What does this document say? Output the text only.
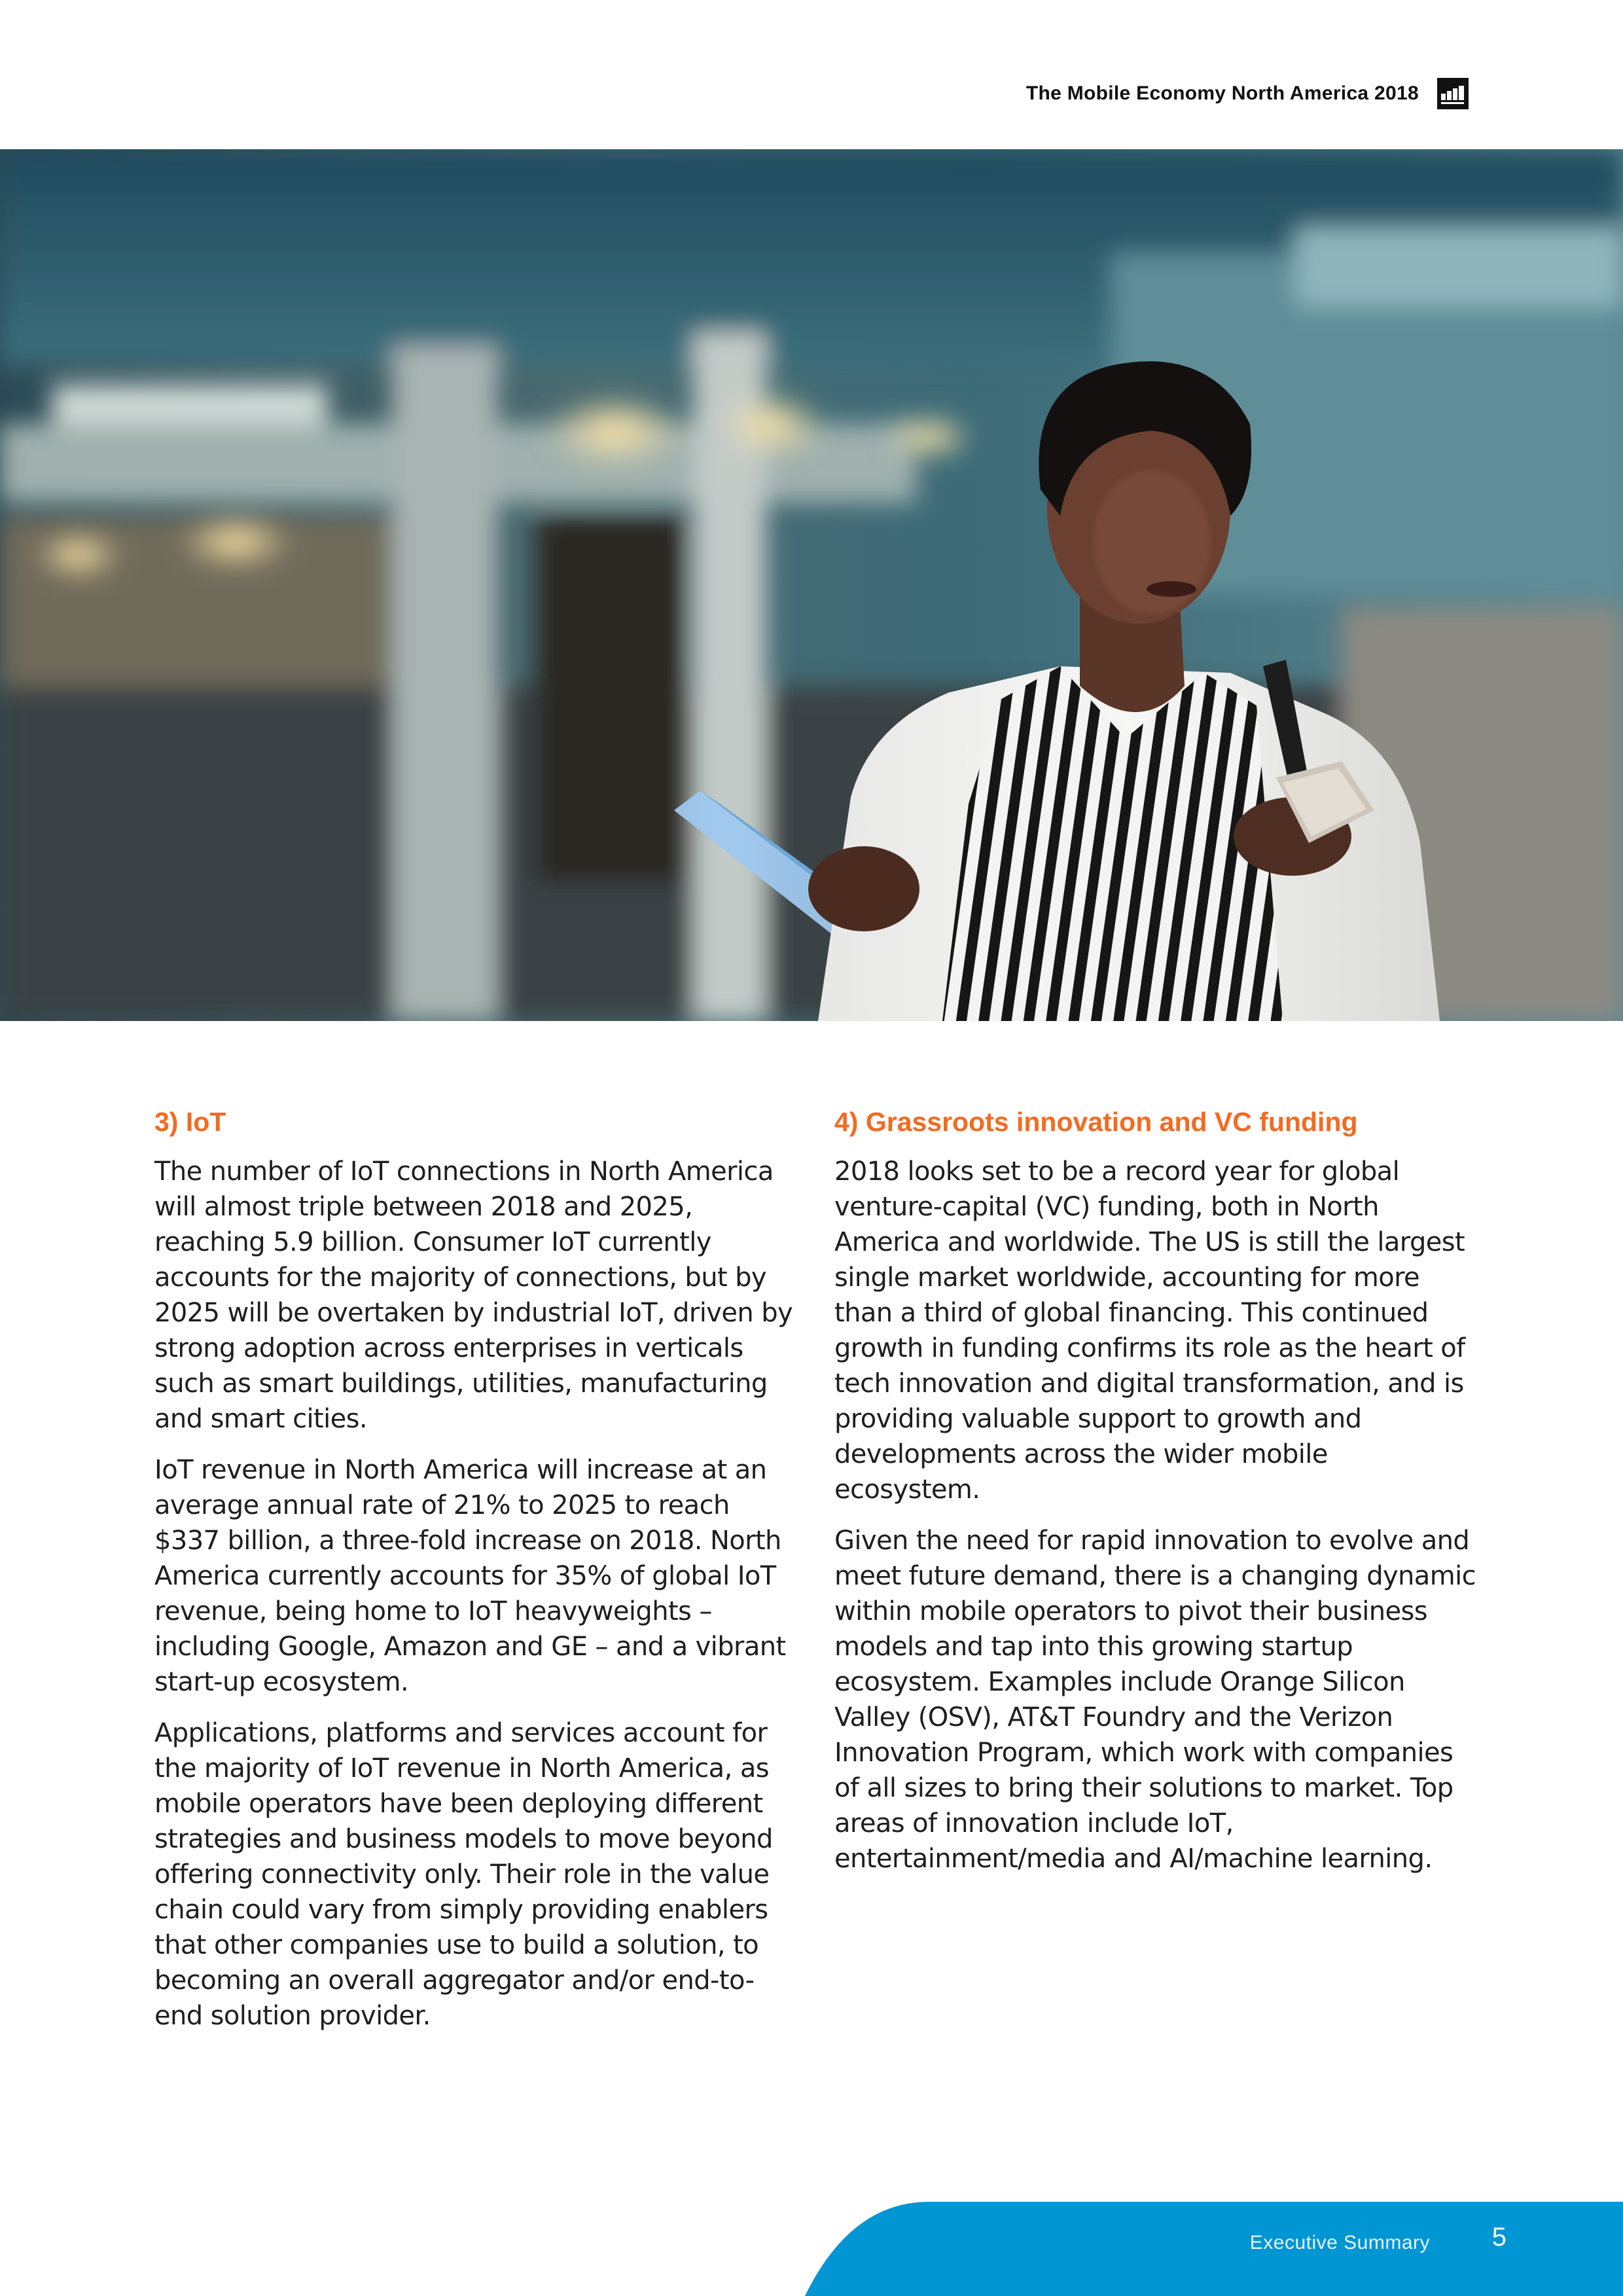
The Mobile Economy North America 2018
3) IoT

The number of IoT connections in North America will almost triple between 2018 and 2025, reaching 5.9 billion. Consumer IoT currently accounts for the majority of connections, but by 2025 will be overtaken by industrial IoT, driven by strong adoption across enterprises in verticals such as smart buildings, utilities, manufacturing and smart cities.

IoT revenue in North America will increase at an average annual rate of 21% to 2025 to reach $337 billion, a three-fold increase on 2018. North America currently accounts for 35% of global IoT revenue, being home to IoT heavyweights – including Google, Amazon and GE – and a vibrant start-up ecosystem.

Applications, platforms and services account for the majority of IoT revenue in North America, as mobile operators have been deploying different strategies and business models to move beyond offering connectivity only. Their role in the value chain could vary from simply providing enablers that other companies use to build a solution, to becoming an overall aggregator and/or end-to-end solution provider.

4) Grassroots innovation and VC funding

2018 looks set to be a record year for global venture-capital (VC) funding, both in North America and worldwide. The US is still the largest single market worldwide, accounting for more than a third of global financing. This continued growth in funding confirms its role as the heart of tech innovation and digital transformation, and is providing valuable support to growth and developments across the wider mobile ecosystem.

Given the need for rapid innovation to evolve and meet future demand, there is a changing dynamic within mobile operators to pivot their business models and tap into this growing startup ecosystem. Examples include Orange Silicon Valley (OSV), AT&T Foundry and the Verizon Innovation Program, which work with companies of all sizes to bring their solutions to market. Top areas of innovation include IoT, entertainment/media and AI/machine learning.

Executive Summary 5
